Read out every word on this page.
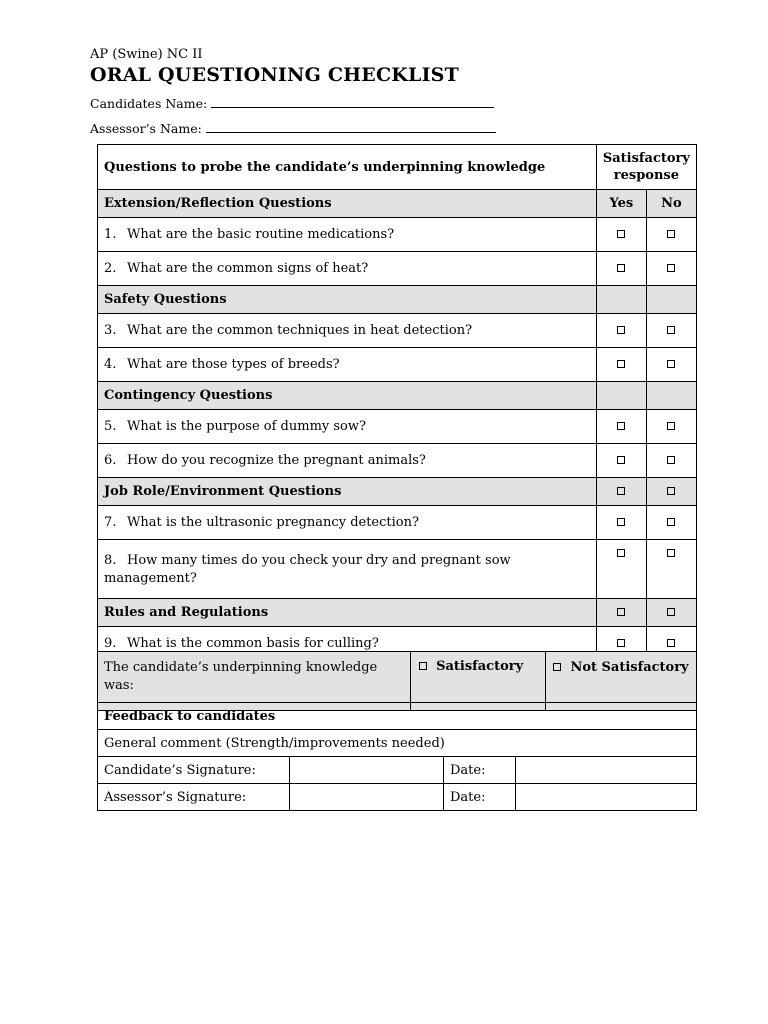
AP (Swine) NC II
ORAL QUESTIONING CHECKLIST
Candidates Name:
Assessor’s Name:
Questions to probe the candidate’s underpinning knowledge	Satisfactory response	
Extension/Reflection Questions	Yes	No
1. What are the basic routine medications?		
2. What are the common signs of heat?		
Safety Questions		
3. What are the common techniques in heat detection?		
4. What are those types of breeds?		
Contingency Questions		
5. What is the purpose of dummy sow?		
6. How do you recognize the pregnant animals?		
Job Role/Environment Questions		
7. What is the ultrasonic pregnancy detection?		
8. How many times do you check your dry and pregnant sow management?		
Rules and Regulations		
9. What is the common basis for culling?		
The candidate’s underpinning knowledge was:	Satisfactory	Not Satisfactory
Feedback to candidates			
General comment (Strength/improvements needed)			
Candidate’s Signature:		Date:	
Assessor’s Signature:		Date:	
